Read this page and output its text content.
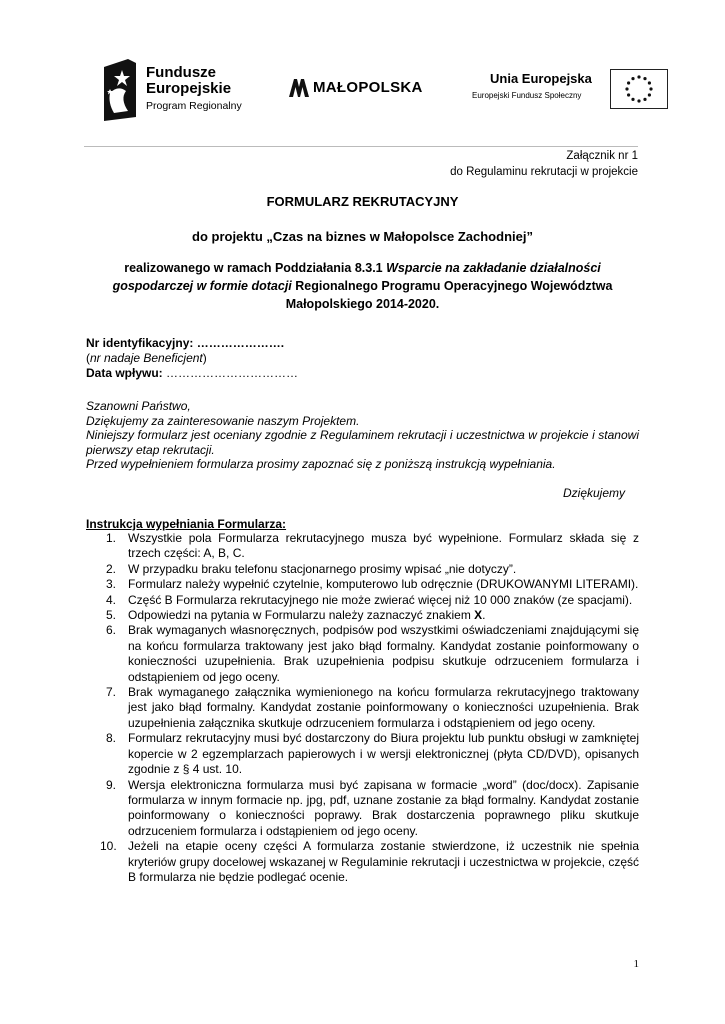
Fundusze
Europejskie
Program Regionalny
MAŁOPOLSKA
Unia Europejska
Europejski Fundusz Społeczny
Załącznik nr 1
do Regulaminu rekrutacji w projekcie
FORMULARZ REKRUTACYJNY
do projektu „Czas na biznes w Małopolsce Zachodniej”
realizowanego w ramach Poddziałania 8.3.1 Wsparcie na zakładanie działalności gospodarczej w formie dotacji Regionalnego Programu Operacyjnego Województwa Małopolskiego 2014-2020.
Nr identyfikacyjny: ………………….
(nr nadaje Beneficjent)
Data wpływu: ……………………………

Szanowni Państwo,

Dziękujemy za zainteresowanie naszym Projektem.

Niniejszy formularz jest oceniany zgodnie z Regulaminem rekrutacji i uczestnictwa w projekcie i stanowi pierwszy etap rekrutacji.

Przed wypełnieniem formularza prosimy zapoznać się z poniższą instrukcją wypełniania.

Dziękujemy
Instrukcja wypełniania Formularza:
1. Wszystkie pola Formularza rekrutacyjnego musza być wypełnione. Formularz składa się z trzech części: A, B, C.
2. W przypadku braku telefonu stacjonarnego prosimy wpisać „nie dotyczy”.
3. Formularz należy wypełnić czytelnie, komputerowo lub odręcznie (DRUKOWANYMI LITERAMI).
4. Część B Formularza rekrutacyjnego nie może zwierać więcej niż 10 000 znaków (ze spacjami).
5. Odpowiedzi na pytania w Formularzu należy zaznaczyć znakiem X.
6. Brak wymaganych własnoręcznych, podpisów pod wszystkimi oświadczeniami znajdującymi się na końcu formularza traktowany jest jako błąd formalny. Kandydat zostanie poinformowany o konieczności uzupełnienia. Brak uzupełnienia podpisu skutkuje odrzuceniem formularza i odstąpieniem od jego oceny.
7. Brak wymaganego załącznika wymienionego na końcu formularza rekrutacyjnego traktowany jest jako błąd formalny. Kandydat zostanie poinformowany o konieczności uzupełnienia. Brak uzupełnienia załącznika skutkuje odrzuceniem formularza i odstąpieniem od jego oceny.
8. Formularz rekrutacyjny musi być dostarczony do Biura projektu lub punktu obsługi w zamkniętej kopercie w 2 egzemplarzach papierowych i w wersji elektronicznej (płyta CD/DVD), opisanych zgodnie z § 4 ust. 10.
9. Wersja elektroniczna formularza musi być zapisana w formacie „word” (doc/docx). Zapisanie formularza w innym formacie np. jpg, pdf, uznane zostanie za błąd formalny. Kandydat zostanie poinformowany o konieczności poprawy. Brak dostarczenia poprawnego pliku skutkuje odrzuceniem formularza i odstąpieniem od jego oceny.
10. Jeżeli na etapie oceny części A formularza zostanie stwierdzone, iż uczestnik nie spełnia kryteriów grupy docelowej wskazanej w Regulaminie rekrutacji i uczestnictwa w projekcie, część B formularza nie będzie podlegać ocenie.
1
